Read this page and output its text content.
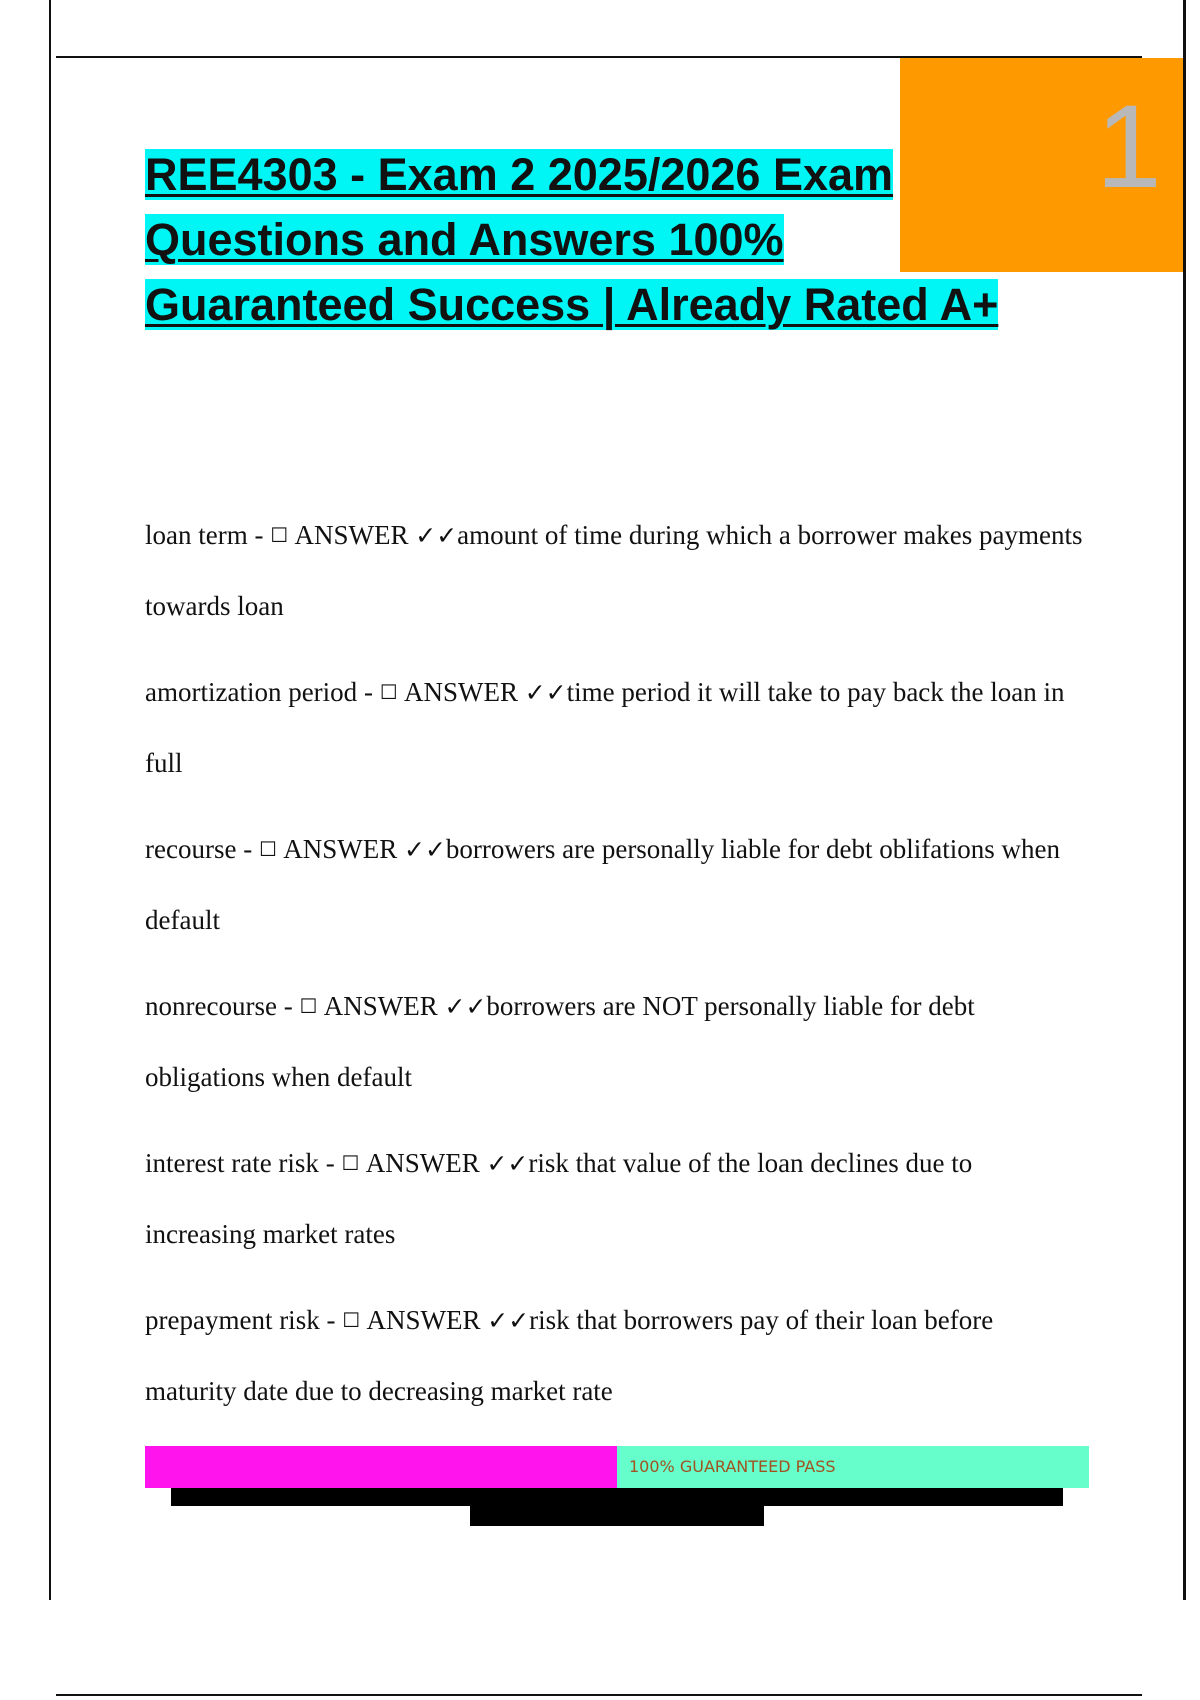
1
REE4303 - Exam 2 2025/2026 Exam
Questions and Answers 100%
Guaranteed Success | Already Rated A+
loan term - ☐ ANSWER ✓✓amount of time during which a borrower makes payments towards loan
amortization period - ☐ ANSWER ✓✓time period it will take to pay back the loan in full
recourse - ☐ ANSWER ✓✓borrowers are personally liable for debt oblifations when default
nonrecourse - ☐ ANSWER ✓✓borrowers are NOT personally liable for debt obligations when default
interest rate risk - ☐ ANSWER ✓✓risk that value of the loan declines due to increasing market rates
prepayment risk - ☐ ANSWER ✓✓risk that borrowers pay of their loan before maturity date due to decreasing market rate
100% GUARANTEED PASS
